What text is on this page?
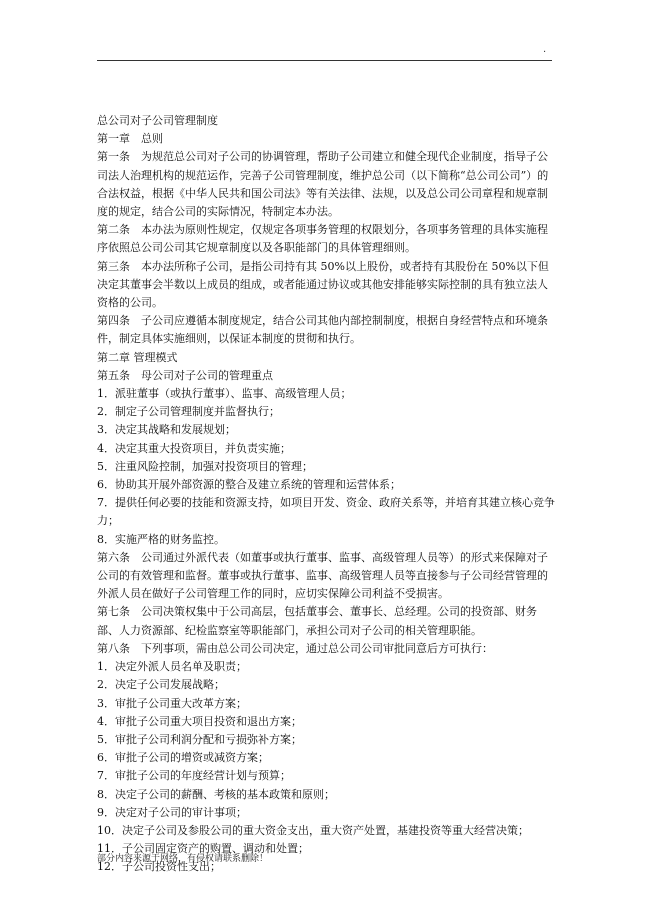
.

总公司对子公司管理制度

第一章　总则

第一条　为规范总公司对子公司的协调管理，帮助子公司建立和健全现代企业制度，指导子公司法人治理机构的规范运作，完善子公司管理制度，维护总公司（以下简称“总公司公司”）的合法权益，根据《中华人民共和国公司法》等有关法律、法规，以及总公司公司章程和规章制度的规定，结合公司的实际情况，特制定本办法。

第二条　本办法为原则性规定，仅规定各项事务管理的权限划分，各项事务管理的具体实施程序依照总公司公司其它规章制度以及各职能部门的具体管理细则。

第三条　本办法所称子公司，是指公司持有其 50%以上股份，或者持有其股份在 50%以下但决定其董事会半数以上成员的组成，或者能通过协议或其他安排能够实际控制的具有独立法人资格的公司。

第四条　子公司应遵循本制度规定，结合公司其他内部控制制度，根据自身经营特点和环境条件，制定具体实施细则，以保证本制度的贯彻和执行。

第二章 管理模式

第五条　母公司对子公司的管理重点

1．派驻董事（或执行董事）、监事、高级管理人员；

2．制定子公司管理制度并监督执行；

3．决定其战略和发展规划；

4．决定其重大投资项目，并负责实施；

5．注重风险控制，加强对投资项目的管理；

6．协助其开展外部资源的整合及建立系统的管理和运营体系；

7．提供任何必要的技能和资源支持，如项目开发、资金、政府关系等，并培育其建立核心竞争力；

8．实施严格的财务监控。

第六条　公司通过外派代表（如董事或执行董事、监事、高级管理人员等）的形式来保障对子公司的有效管理和监督。董事或执行董事、监事、高级管理人员等直接参与子公司经营管理的外派人员在做好子公司管理工作的同时，应切实保障公司利益不受损害。

第七条　公司决策权集中于公司高层，包括董事会、董事长、总经理。公司的投资部、财务部、人力资源部、纪检监察室等职能部门，承担公司对子公司的相关管理职能。

第八条　下列事项，需由总公司公司决定，通过总公司公司审批同意后方可执行：

1．决定外派人员名单及职责；

2．决定子公司发展战略；

3．审批子公司重大改革方案；

4．审批子公司重大项目投资和退出方案；

5．审批子公司利润分配和亏损弥补方案；

6．审批子公司的增资或减资方案；

7．审批子公司的年度经营计划与预算；

8．决定子公司的薪酬、考核的基本政策和原则；

9．决定对子公司的审计事项；

10．决定子公司及参股公司的重大资金支出，重大资产处置，基建投资等重大经营决策；

11．子公司固定资产的购置、调动和处置；

12．子公司投资性支出；

部分内容来源于网络，有侵权请联系删除！
